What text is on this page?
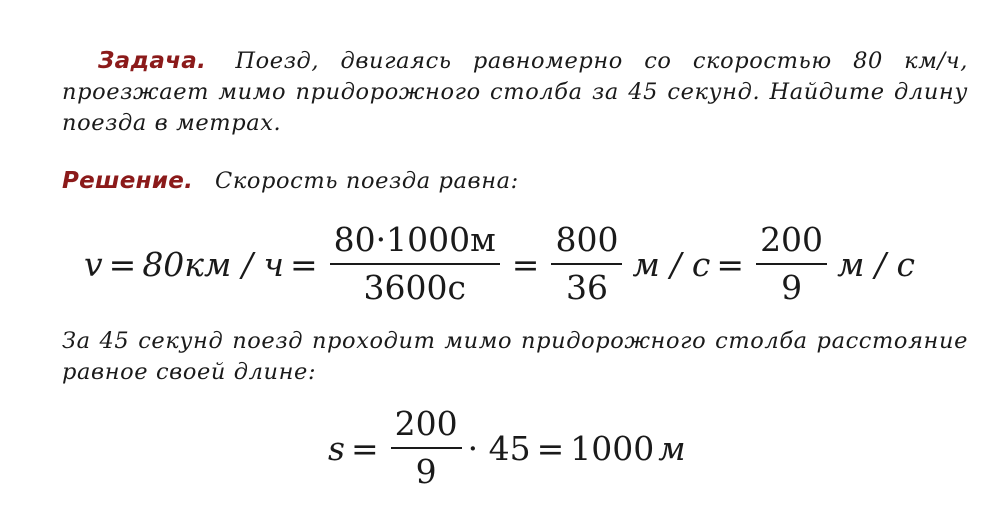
Задача. Поезд, двигаясь равномерно со скоростью 80 км/ч, проезжает мимо придорожного столба за 45 секунд. Найдите длину поезда в метрах.
Решение. Скорость поезда равна:
$v = 80км / ч = \frac{80\cdot 1000м}{3600с} = \frac{800}{36}$ $м / с = \frac{200}{9}$ м / с
За 45 секунд поезд проходит мимо придорожного столба расстояние равное своей длине:
$s = \frac{200}{9} \cdot 45 = 1000$ м
